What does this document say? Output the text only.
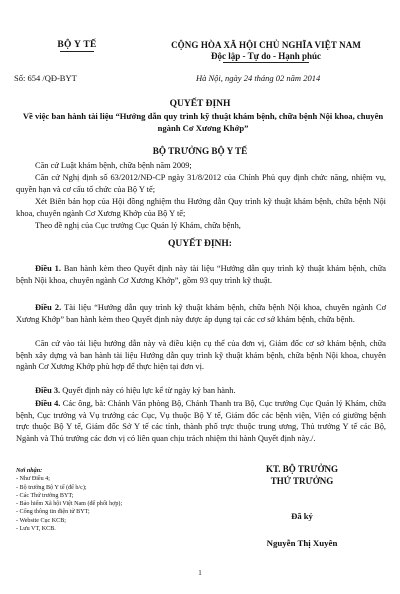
BỘ Y TẾ
Số: 654 /QĐ-BYT
CỘNG HÒA XÃ HỘI CHỦ NGHĨA VIỆT NAM
Độc lập - Tự do - Hạnh phúc
Hà Nội, ngày 24 tháng 02 năm 2014
QUYẾT ĐỊNH
Về việc ban hành tài liệu “Hướng dẫn quy trình kỹ thuật khám bệnh, chữa bệnh Nội khoa, chuyên ngành Cơ Xương Khớp”
BỘ TRƯỞNG BỘ Y TẾ
Căn cứ Luật khám bệnh, chữa bệnh năm 2009;
Căn cứ Nghị định số 63/2012/NĐ-CP ngày 31/8/2012 của Chính Phủ quy định chức năng, nhiệm vụ, quyền hạn và cơ cấu tổ chức của Bộ Y tế;
Xét Biên bản họp của Hội đồng nghiệm thu Hướng dẫn Quy trình kỹ thuật khám bệnh, chữa bệnh Nội khoa, chuyên ngành Cơ Xương Khớp của Bộ Y tế;
Theo đề nghị của Cục trưởng Cục Quản lý Khám, chữa bệnh,
QUYẾT ĐỊNH:
Điều 1. Ban hành kèm theo Quyết định này tài liệu “Hướng dẫn quy trình kỹ thuật khám bệnh, chữa bệnh Nội khoa, chuyên ngành Cơ Xương Khớp”, gồm 93 quy trình kỹ thuật.
Điều 2. Tài liệu “Hướng dẫn quy trình kỹ thuật khám bệnh, chữa bệnh Nội khoa, chuyên ngành Cơ Xương Khớp” ban hành kèm theo Quyết định này được áp dụng tại các cơ sở khám bệnh, chữa bệnh.
Căn cứ vào tài liệu hướng dẫn này và điều kiện cụ thể của đơn vị, Giám đốc cơ sở khám bệnh, chữa bệnh xây dựng và ban hành tài liệu Hướng dẫn quy trình kỹ thuật khám bệnh, chữa bệnh Nội khoa, chuyên ngành Cơ Xương Khớp phù hợp để thực hiện tại đơn vị.
Điều 3. Quyết định này có hiệu lực kể từ ngày ký ban hành.
Điều 4. Các ông, bà: Chánh Văn phòng Bộ, Chánh Thanh tra Bộ, Cục trưởng Cục Quản lý Khám, chữa bệnh, Cục trưởng và Vụ trưởng các Cục, Vụ thuộc Bộ Y tế, Giám đốc các bệnh viện, Viện có giường bệnh trực thuộc Bộ Y tế, Giám đốc Sở Y tế các tỉnh, thành phố trực thuộc trung ương, Thủ trưởng Y tế các Bộ, Ngành và Thủ trưởng các đơn vị có liên quan chịu trách nhiệm thi hành Quyết định này./.
Nơi nhận:
- Như Điều 4;
- Bộ trưởng Bộ Y tế (để b/c);
- Các Thứ trưởng BYT;
- Bảo hiểm Xã hội Việt Nam (để phối hợp);
- Cổng thông tin điện tử BYT;
- Website Cục KCB;
- Lưu VT, KCB.
KT. BỘ TRƯỞNG
THỨ TRƯỞNG
Đã ký
Nguyễn Thị Xuyên
1
